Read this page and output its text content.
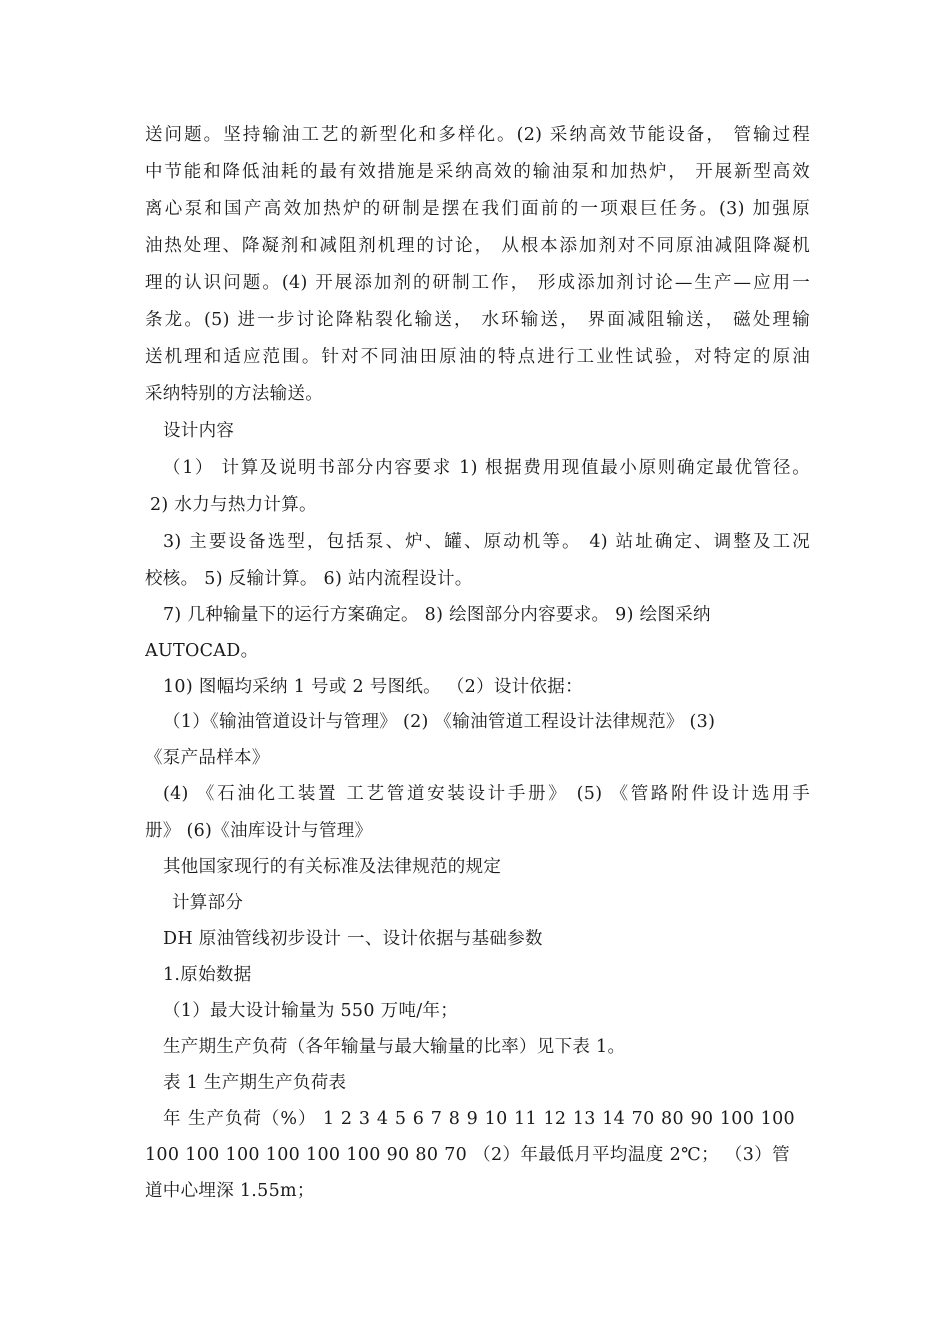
送问题。坚持输油工艺的新型化和多样化。(2) 采纳高效节能设备， 管输过程
中节能和降低油耗的最有效措施是采纳高效的输油泵和加热炉， 开展新型高效
离心泵和国产高效加热炉的研制是摆在我们面前的一项艰巨任务。(3) 加强原
油热处理、降凝剂和减阻剂机理的讨论， 从根本添加剂对不同原油减阻降凝机
理的认识问题。(4) 开展添加剂的研制工作， 形成添加剂讨论—生产—应用一
条龙。(5) 进一步讨论降粘裂化输送， 水环输送， 界面减阻输送， 磁处理输
送机理和适应范围。针对不同油田原油的特点进行工业性试验，对特定的原油
采纳特别的方法输送。
设计内容
（1） 计算及说明书部分内容要求 1) 根据费用现值最小原则确定最优管径。
2) 水力与热力计算。
3) 主要设备选型，包括泵、炉、罐、原动机等。 4) 站址确定、调整及工况
校核。 5) 反输计算。 6) 站内流程设计。
7) 几种输量下的运行方案确定。 8) 绘图部分内容要求。 9) 绘图采纳
AUTOCAD。
10) 图幅均采纳 1 号或 2 号图纸。 （2）设计依据：
（1）《输油管道设计与管理》 (2) 《输油管道工程设计法律规范》 (3)
《泵产品样本》
(4) 《石油化工装置 工艺管道安装设计手册》 (5) 《管路附件设计选用手
册》 (6)《油库设计与管理》
其他国家现行的有关标准及法律规范的规定
计算部分
DH 原油管线初步设计 一、设计依据与基础参数
1.原始数据
（1）最大设计输量为 550 万吨/年；
生产期生产负荷（各年输量与最大输量的比率）见下表 1。
表 1 生产期生产负荷表
年 生产负荷（%） 1 2 3 4 5 6 7 8 9 10 11 12 13 14 70 80 90 100 100
100 100 100 100 100 100 90 80 70 （2）年最低月平均温度 2℃； （3）管
道中心埋深 1.55m；
